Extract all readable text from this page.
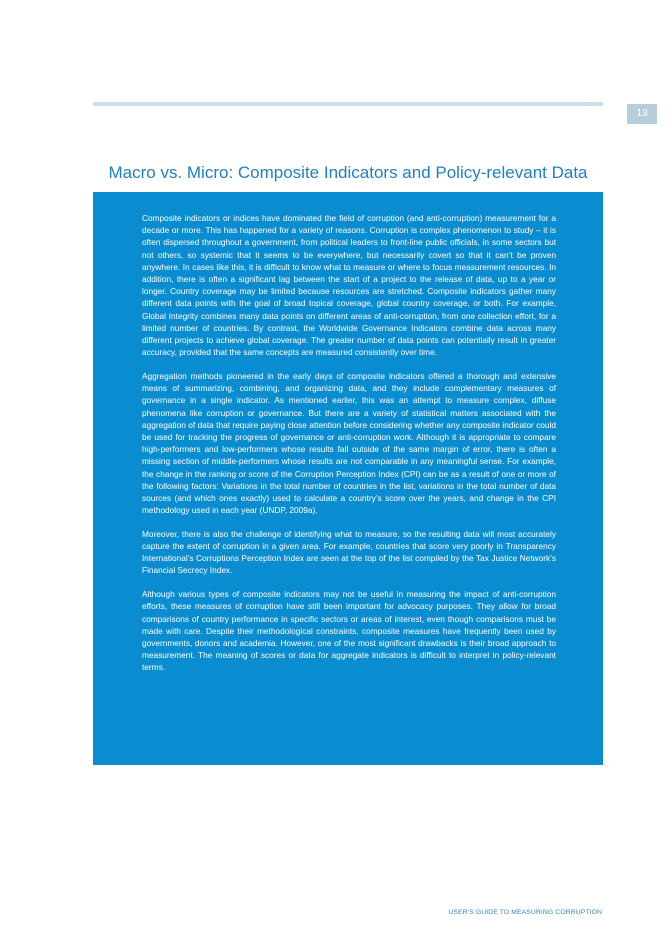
13
Macro vs. Micro: Composite Indicators and Policy-relevant Data

Composite indicators or indices have dominated the field of corruption (and anti-corruption) measurement for a decade or more. This has happened for a variety of reasons. Corruption is complex phenomenon to study – it is often dispersed throughout a government, from political leaders to front-line public officials, in some sectors but not others, so systemic that it seems to be everywhere, but necessarily covert so that it can’t be proven anywhere. In cases like this, it is difficult to know what to measure or where to focus measurement resources. In addition, there is often a significant lag between the start of a project to the release of data, up to a year or longer. Country coverage may be limited because resources are stretched. Composite indicators gather many different data points with the goal of broad topical coverage, global country coverage, or both. For example, Global Integrity combines many data points on different areas of anti-corruption, from one collection effort, for a limited number of countries. By contrast, the Worldwide Governance Indicators combine data across many different projects to achieve global coverage. The greater number of data points can potentially result in greater accuracy, provided that the same concepts are measured consistently over time.

Aggregation methods pioneered in the early days of composite indicators offered a thorough and extensive means of summarizing, combining, and organizing data, and they include complementary measures of governance in a single indicator. As mentioned earlier, this was an attempt to measure complex, diffuse phenomena like corruption or governance. But there are a variety of statistical matters associated with the aggregation of data that require paying close attention before considering whether any composite indicator could be used for tracking the progress of governance or anti-corruption work. Although it is appropriate to compare high-performers and low-performers whose results fall outside of the same margin of error, there is often a missing section of middle-performers whose results are not comparable in any meaningful sense. For example, the change in the ranking or score of the Corruption Perception Index (CPI) can be as a result of one or more of the following factors: Variations in the total number of countries in the list, variations in the total number of data sources (and which ones exactly) used to calculate a country’s score over the years, and change in the CPI methodology used in each year (UNDP, 2009a).

Moreover, there is also the challenge of identifying what to measure, so the resulting data will most accurately capture the extent of corruption in a given area. For example, countries that score very poorly in Transparency International’s Corruptions Perception Index are seen at the top of the list compiled by the Tax Justice Network’s Financial Secrecy Index.

Although various types of composite indicators may not be useful in measuring the impact of anti-corruption efforts, these measures of corruption have still been important for advocacy purposes. They allow for broad comparisons of country performance in specific sectors or areas of interest, even though comparisons must be made with care. Despite their methodological constraints, composite measures have frequently been used by governments, donors and academia. However, one of the most significant drawbacks is their broad approach to measurement. The meaning of scores or data for aggregate indicators is difficult to interpret in policy-relevant terms.

USER’S GUIDE TO MEASURING CORRUPTION
